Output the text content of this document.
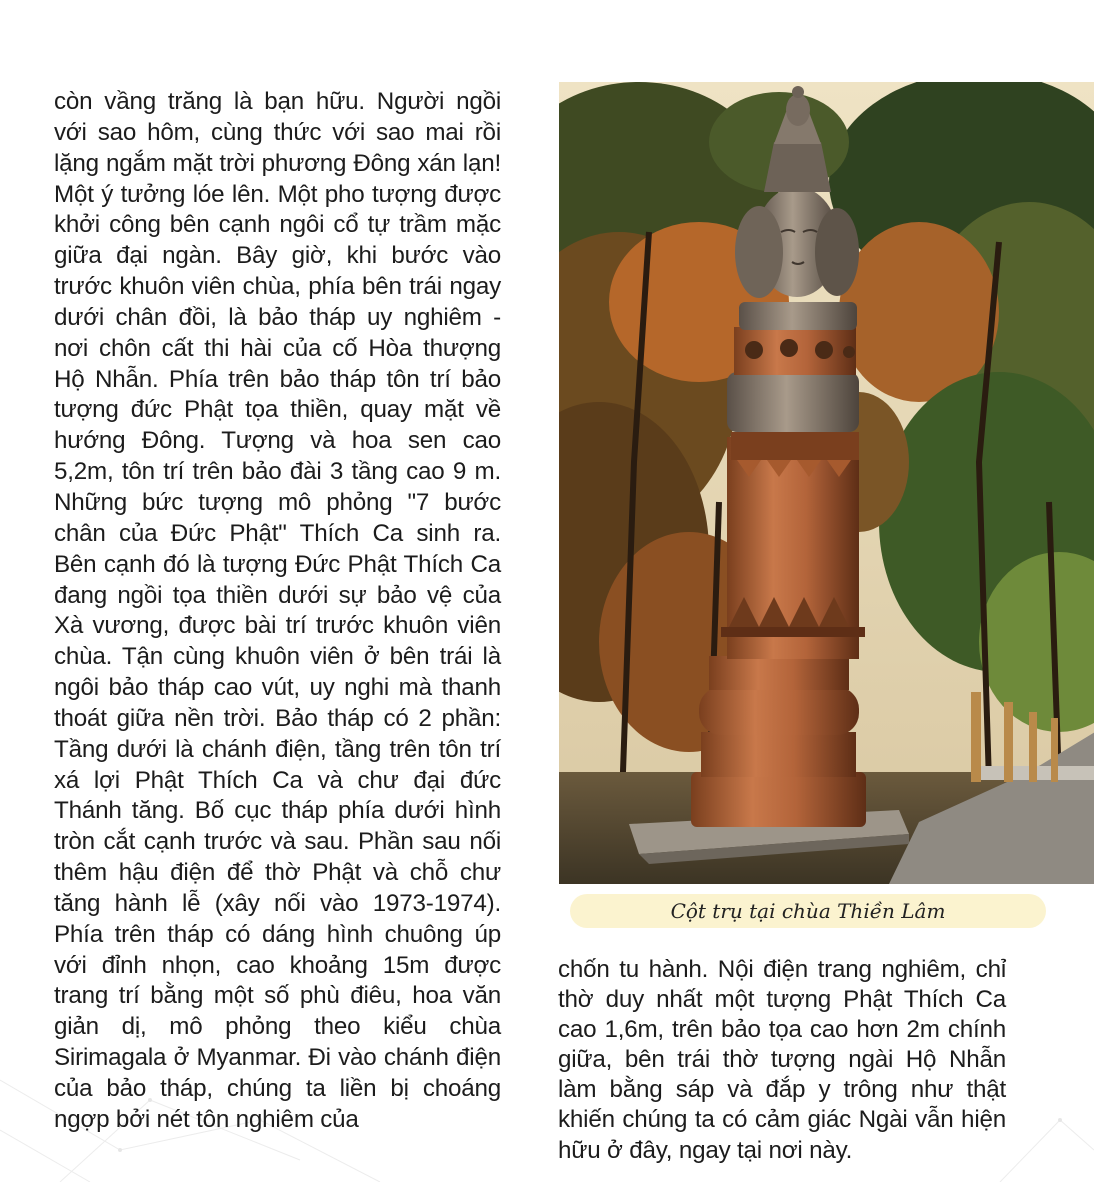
còn vầng trăng là bạn hữu. Người ngồi với sao hôm, cùng thức với sao mai rồi lặng ngắm mặt trời phương Đông xán lạn! Một ý tưởng lóe lên. Một pho tượng được khởi công bên cạnh ngôi cổ tự trầm mặc giữa đại ngàn. Bây giờ, khi bước vào trước khuôn viên chùa, phía bên trái ngay dưới chân đồi, là bảo tháp uy nghiêm - nơi chôn cất thi hài của cố Hòa thượng Hộ Nhẫn. Phía trên bảo tháp tôn trí bảo tượng đức Phật tọa thiền, quay mặt về hướng Đông. Tượng và hoa sen cao 5,2m, tôn trí trên bảo đài 3 tầng cao 9 m. Những bức tượng mô phỏng "7 bước chân của Đức Phật" Thích Ca sinh ra. Bên cạnh đó là tượng Đức Phật Thích Ca đang ngồi tọa thiền dưới sự bảo vệ của Xà vương, được bài trí trước khuôn viên chùa. Tận cùng khuôn viên ở bên trái là ngôi bảo tháp cao vút, uy nghi mà thanh thoát giữa nền trời. Bảo tháp có 2 phần: Tầng dưới là chánh điện, tầng trên tôn trí xá lợi Phật Thích Ca và chư đại đức Thánh tăng. Bố cục tháp phía dưới hình tròn cắt cạnh trước và sau. Phần sau nối thêm hậu điện để thờ Phật và chỗ chư tăng hành lễ (xây nối vào 1973-1974). Phía trên tháp có dáng hình chuông úp với đỉnh nhọn, cao khoảng 15m được trang trí bằng một số phù điêu, hoa văn giản dị, mô phỏng theo kiểu chùa Sirimagala ở Myanmar. Đi vào chánh điện của bảo tháp, chúng ta liền bị choáng ngợp bởi nét tôn nghiêm của

Cột trụ tại chùa Thiền Lâm

chốn tu hành. Nội điện trang nghiêm, chỉ thờ duy nhất một tượng Phật Thích Ca cao 1,6m, trên bảo tọa cao hơn 2m chính giữa, bên trái thờ tượng ngài Hộ Nhẫn làm bằng sáp và đắp y trông như thật khiến chúng ta có cảm giác Ngài vẫn hiện hữu ở đây, ngay tại nơi này.
